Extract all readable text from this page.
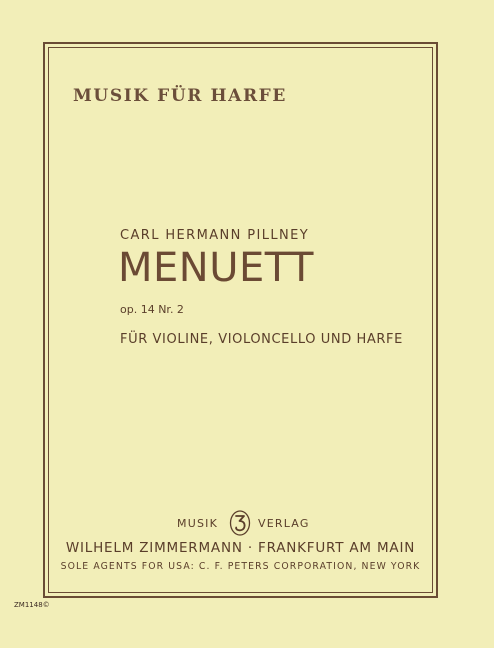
MUSIK FÜR HARFE
CARL HERMANN PILLNEY
MENUETT
op. 14 Nr. 2
FÜR VIOLINE, VIOLONCELLO UND HARFE
MUSIK	VERLAG
WILHELM ZIMMERMANN · FRANKFURT AM MAIN
SOLE AGENTS FOR USA: C. F. PETERS CORPORATION, NEW YORK
ZM1148©
